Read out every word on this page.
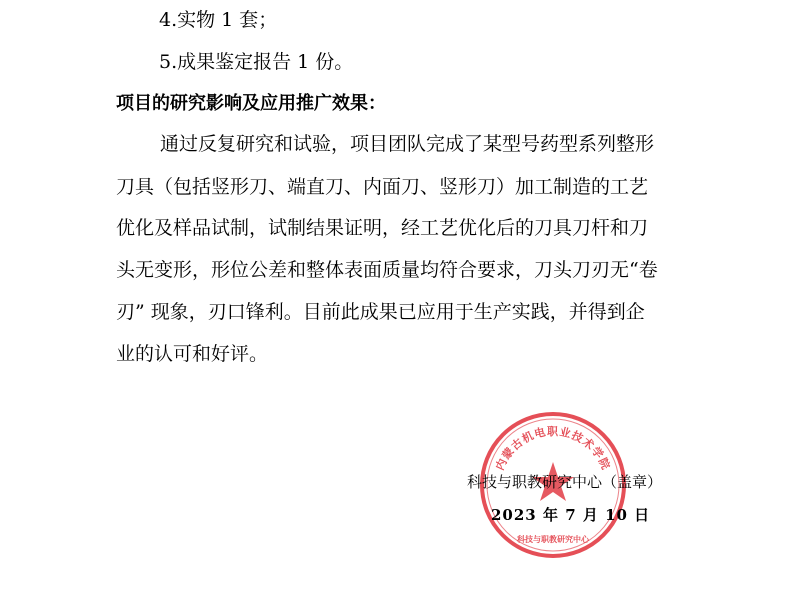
4.实物 1 套；
5.成果鉴定报告 1 份。
项目的研究影响及应用推广效果：
通过反复研究和试验，项目团队完成了某型号药型系列整形
刀具（包括竖形刀、端直刀、内面刀、竖形刀）加工制造的工艺
优化及样品试制，试制结果证明，经工艺优化后的刀具刀杆和刀
头无变形，形位公差和整体表面质量均符合要求，刀头刀刃无“卷
刃” 现象，刃口锋利。目前此成果已应用于生产实践，并得到企
业的认可和好评。
内蒙古机电职业技术学院
科技与职教研究中心
科技与职教研究中心（盖章）
2023 年 7 月 10 日
